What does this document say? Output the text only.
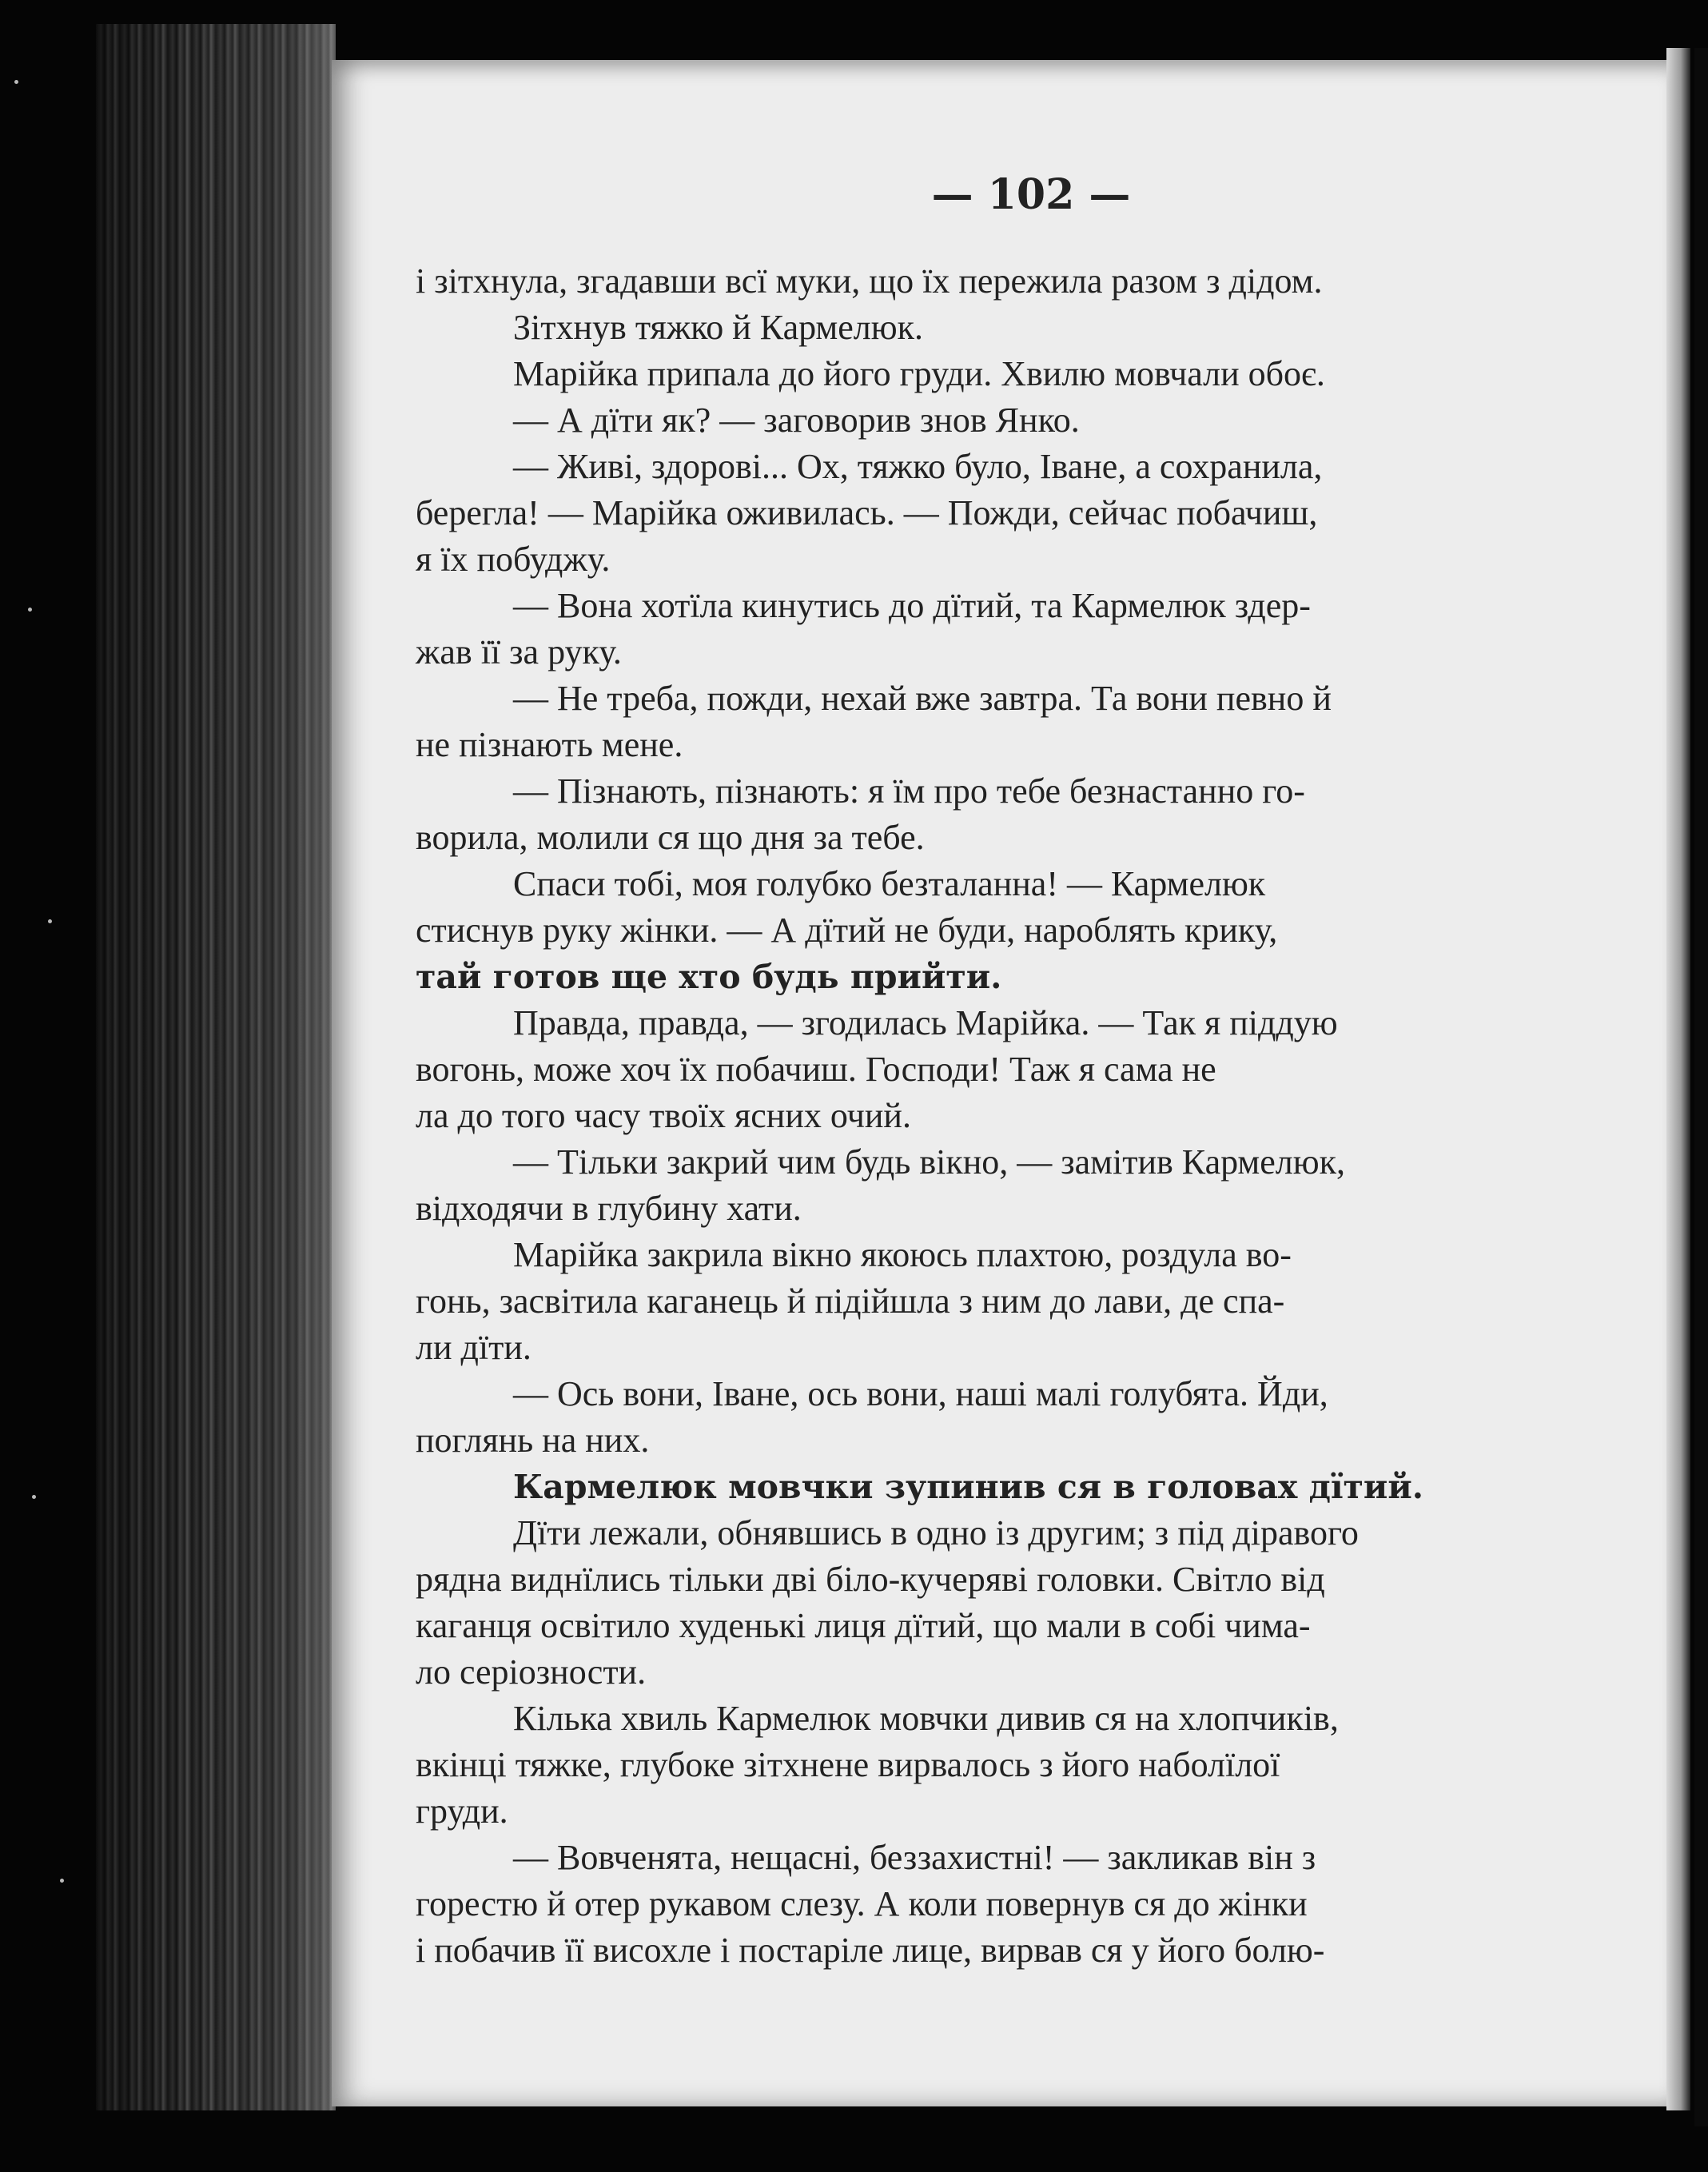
— 102 —
і зітхнула, згадавши всї муки, що їх пережила разом з дідом.
Зітхнув тяжко й Кармелюк.
Марійка припала до його груди. Хвилю мовчали обоє.
— А дїти як? — заговорив знов Янко.
— Живі, здорові... Ох, тяжко було, Іване, а сохранила,
берегла! — Марійка оживилась. — Пожди, сейчас побачиш,
я їх побуджу.
— Вона хотїла кинутись до дїтий, та Кармелюк здер-
жав її за руку.
— Не треба, пожди, нехай вже завтра. Та вони певно й
не пізнають мене.
— Пізнають, пізнають: я їм про тебе безнастанно го-
ворила, молили ся що дня за тебе.
Спаси тобі, моя голубко безталанна! — Кармелюк
стиснув руку жінки. — А дїтий не буди, нароблять крику,
тай готов ще хто будь прийти.
Правда, правда, — згодилась Марійка. — Так я піддую
вогонь, може хоч їх побачиш. Господи! Таж я сама не
ла до того часу твоїх ясних очий.
— Тільки закрий чим будь вікно, — замітив Кармелюк,
відходячи в глубину хати.
Марійка закрила вікно якоюсь плахтою, роздула во-
гонь, засвітила каганець й підійшла з ним до лави, де спа-
ли дїти.
— Ось вони, Іване, ось вони, наші малі голубята. Йди,
поглянь на них.
Кармелюк мовчки зупинив ся в головах дїтий.
Дїти лежали, обнявшись в одно із другим; з під діравого
рядна виднїлись тільки дві біло-кучеряві головки. Світло від
каганця освітило худенькі лиця дїтий, що мали в собі чима-
ло серіозности.
Кілька хвиль Кармелюк мовчки дивив ся на хлопчиків,
вкінці тяжке, глубоке зітхнене вирвалось з його наболїлої
груди.
— Вовченята, нещасні, беззахистні! — закликав він з
горестю й отер рукавом слезу. А коли повернув ся до жінки
і побачив її висохле і постаріле лице, вирвав ся у його болю-
